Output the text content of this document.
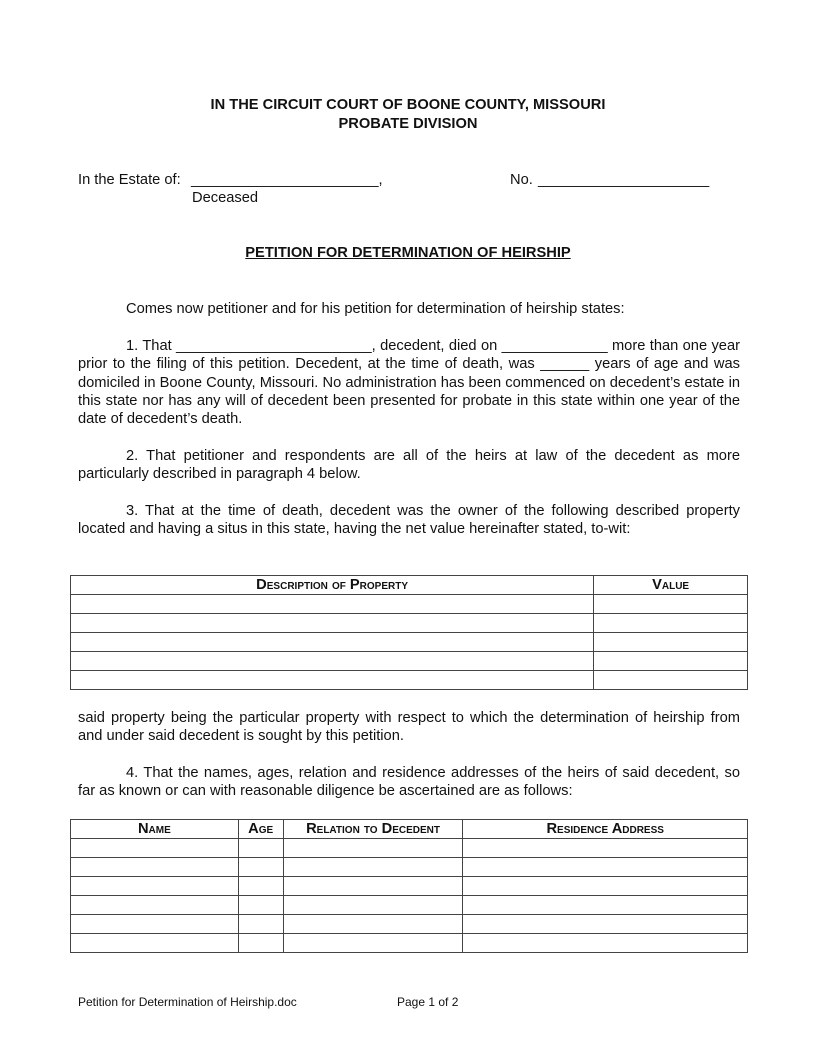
IN THE CIRCUIT COURT OF BOONE COUNTY, MISSOURI
PROBATE DIVISION
In the Estate of: _______________________,
Deceased
No. _____________________
PETITION FOR DETERMINATION OF HEIRSHIP

Comes now petitioner and for his petition for determination of heirship states:

1. That ________________________, decedent, died on _____________ more than one year prior to the filing of this petition. Decedent, at the time of death, was ______ years of age and was domiciled in Boone County, Missouri. No administration has been commenced on decedent’s estate in this state nor has any will of decedent been presented for probate in this state within one year of the date of decedent’s death.

2. That petitioner and respondents are all of the heirs at law of the decedent as more particularly described in paragraph 4 below.

3. That at the time of death, decedent was the owner of the following described property located and having a situs in this state, having the net value hereinafter stated, to-wit:

Description of Property	Value

said property being the particular property with respect to which the determination of heirship from and under said decedent is sought by this petition.

4. That the names, ages, relation and residence addresses of the heirs of said decedent, so far as known or can with reasonable diligence be ascertained are as follows:

Name	Age	Relation to Decedent	Residence Address

Petition for Determination of Heirship.doc	Page 1 of 2
